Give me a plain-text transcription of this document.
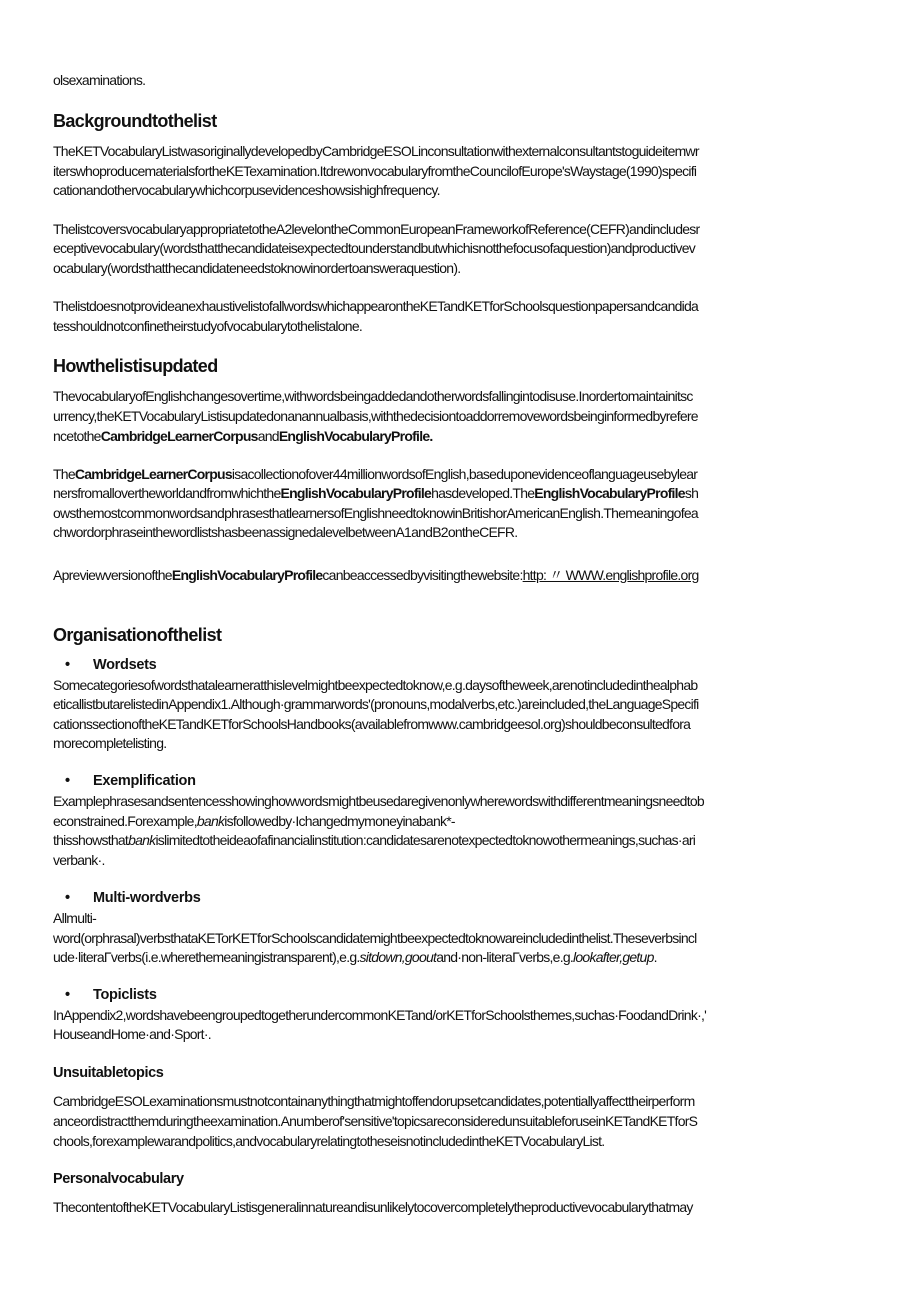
olsexaminations.
Backgroundtothelist
TheKETVocabularyListwasoriginallydevelopedbyCambridgeESOLinconsultationwithexternalconsultantstoguideitemwr
iterswhoproducematerialsfortheKETexamination.ItdrewonvocabularyfromtheCouncilofEurope'sWaystage(1990)specifi
cationandothervocabularywhichcorpusevidenceshowsishighfrequency.
ThelistcoversvocabularyappropriatetotheA2levelontheCommonEuropeanFrameworkofReference(CEFR)andincludesr
eceptivevocabulary(wordsthatthecandidateisexpectedtounderstandbutwhichisnotthefocusofaquestion)andproductivev
ocabulary(wordsthatthecandidateneedstoknowinordertoansweraquestion).
ThelistdoesnotprovideanexhaustivelistofallwordswhichappearontheKETandKETforSchoolsquestionpapersandcandida
tesshouldnotconfinetheirstudyofvocabularytothelistalone.
Howthelistisupdated
ThevocabularyofEnglishchangesovertime,withwordsbeingaddedandotherwordsfallingintodisuse.Inordertomaintainitsc
urrency,theKETVocabularyListisupdatedonanannualbasis,withthedecisiontoaddorremovewordsbeinginformedbyrefere
ncetotheCambridgeLearnerCorpusandEnglishVocabularyProfile.
TheCambridgeLearnerCorpusisacollectionofover44millionwordsofEnglish,baseduponevidenceoflanguageusebylear
nersfromallovertheworldandfromwhichtheEnglishVocabularyProfilehasdeveloped.TheEnglishVocabularyProfilesh
owsthemostcommonwordsandphrasesthatlearnersofEnglishneedtoknowinBritishorAmericanEnglish.Themeaningofea
chwordorphraseinthewordlistshasbeenassignedalevelbetweenA1andB2ontheCEFR.
ApreviewversionoftheEnglishVocabularyProfilecanbeaccessedbyvisitingthewebsite:http: 〃 WWW.englishprofile.org
Organisationofthelist
• Wordsets
Somecategoriesofwordsthatalearneratthislevelmightbeexpectedtoknow,e.g.daysoftheweek,arenotincludedinthealphab
eticallistbutarelistedinAppendix1.Although·grammarwords'(pronouns,modalverbs,etc.)areincluded,theLanguageSpecifi
cationssectionoftheKETandKETforSchoolsHandbooks(availablefromwww.cambridgeesol.org)shouldbeconsultedfora
morecompletelisting.
• Exemplification
Examplephrasesandsentencesshowinghowwordsmightbeusedaregivenonlywherewordswithdifferentmeaningsneedtob
econstrained.Forexample,bankisfollowedby·Ichangedmymoneyinabank*-
thisshowsthatbankislimitedtotheideaofafinancialinstitution:candidatesarenotexpectedtoknowothermeanings,suchas·ari
verbank·.
• Multi-wordverbs
Allmulti-
word(orphrasal)verbsthataKETorKETforSchoolscandidatemightbeexpectedtoknowareincludedinthelist.Theseverbsincl
ude·literaΓverbs(i.e.wherethemeaningistransparent),e.g.sitdown,gooutand·non-literaΓverbs,e.g.lookafter,getup.
• Topiclists
InAppendix2,wordshavebeengroupedtogetherundercommonKETand/orKETforSchoolsthemes,suchas·FoodandDrink·,'
HouseandHome·and·Sport·.
Unsuitabletopics
CambridgeESOLexaminationsmustnotcontainanythingthatmightoffendorupsetcandidates,potentiallyaffecttheirperform
anceordistractthemduringtheexamination.Anumberof'sensitive'topicsareconsideredunsuitableforuseinKETandKETforS
chools,forexamplewarandpolitics,andvocabularyrelatingtotheseisnotincludedintheKETVocabularyList.
Personalvocabulary
ThecontentoftheKETVocabularyListisgeneralinnatureandisunlikelytocovercompletelytheproductivevocabularythatmay
